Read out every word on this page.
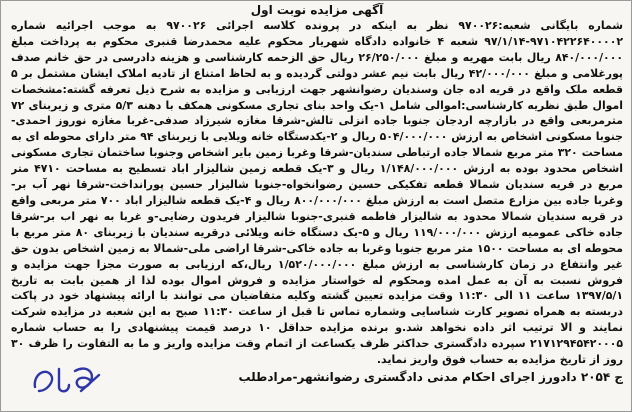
آگهی مزایده نوبت اول

شماره بایگانی شعبه:۹۷۰۰۲۶ نظر به اینکه در پرونده کلاسه اجرائی ۹۷۰۰۲۶ به موجب اجرائیه شماره ۹۷۱۰۴۲۲۶۴۰۰۰۰۲-۹۷/۱/۱۴ شعبه ۴ خانواده دادگاه شهریار محکوم علیه محمدرضا قنبری محکوم به پرداخت مبلغ ۸۴۰/۰۰۰/۰۰۰ ریال بابت مهریه و مبلغ ۲۶/۲۵۰/۰۰۰ ریال حق الزحمه کارشناسی و هزینه دادرسی در حق خانم صدف پورغلامی و مبلغ ۴۲/۰۰۰/۰۰۰ ریال بابت نیم عشر دولتی گردیده و به لحاظ امتناع از تادیه املاک ایشان مشتمل بر ۵ قطعه ملک واقع در قریه اده جان وسندیان رضوانشهر جهت ارزیابی و مزایده به شرح ذیل تعرفه گشته:مشخصات اموال طبق نظریه کارشناسی:اموالی شامل ۱-یک واحد بنای تجاری مسکونی همکف با دهنه ۵/۳ متری و زیربنای ۷۲ مترمربعی واقع در بازارچه اردجان جنوبا جاده انزلی تالش-شرقا مغازه شیرزاد صدفی-غربا مغازه نوروز احمدی-جنوبا مسکونی اشخاص به ارزش ۵۰۴/۰۰۰/۰۰۰ ریال و ۲-یکدستگاه خانه ویلایی با زیربنای ۹۴ متر دارای محوطه ای به مساحت ۳۲۰ متر مربع شمالا جاده ارتباطی سندیان-شرقا وغربا زمین بایر اشخاص وجنوبا ساختمان تجاری مسکونی اشخاص محدود بوده به ارزش ۱/۱۴۸/۰۰۰/۰۰۰ ریال و ۳-یک قطعه زمین شالیزار اباد تسطیح به مساحت ۴۷۱۰ متر مربع در قریه سندیان شمالا قطعه تفکیکی حسین رضوانخواه-جنوبا شالیزار حسین پورانداخت-شرقا نهر آب بر-وغربا جاده بین مزارع متصل است به ارزش مبلغ ۸۰۰/۰۰۰/۰۰۰ ریال و ۴-یک قطعه شالیزار اباد ۷۰۰ متر مربعی واقع در قریه سندیان شمالا محدود به شالیزار فاطمه قنبری-جنوبا شالیزار فریدون رضایی-و غربا به نهر اب بر-شرقا جاده خاکی عمومیه ارزش ۱۱۹/۰۰۰/۰۰۰ ریال و ۵-یک دستگاه خانه ویلائی درقریه سندیان با زیربنای ۸۰ متر مربع با محوطه ای به مساحت ۱۵۰۰ متر مربع جنوبا وغربا به جاده خاکی-شرقا اراضی ملی-شمالا به زمین اشخاص بدون حق غیر وانتفاع در زمان کارشناسی به ارزش مبلغ ۱/۵۲۰/۰۰۰/۰۰۰ ریال،که ارزیابی به صورت مجزا جهت مزایده و فروش نسبت به آن به عمل امده ومحکوم له خواستار مزایده و فروش اموال بوده لذا از همین بابت به تاریخ ۱۳۹۷/۵/۱ ساعت ۱۱ الی ۱۱:۳۰ وقت مزایده تعیین گشته وکلیه متقاضیان می توانند با ارائه پیشنهاد خود در پاکت دربسته به همراه تصویر کارت شناسایی وشماره تماس تا قبل از ساعت ۱۱:۳۰ صبح به این شعبه در مزایده شرکت نمایند و الا ترتیب اثر داده نخواهد شد.و برنده مزایده حداقل ۱۰ درصد قیمت پیشنهادی را به حساب شماره ۲۱۷۱۲۹۴۵۴۲۰۰۰۵ سپرده دادگستری حداکثر ظرف یکساعت از اتمام وقت مزایده واریز و ما به التفاوت را ظرف ۳۰ روز از تاریخ مزایده به حساب فوق واریز نماید.

ج ۲۰۵۴ دادورز اجرای احکام مدنی دادگستری رضوانشهر-مرادطلب
